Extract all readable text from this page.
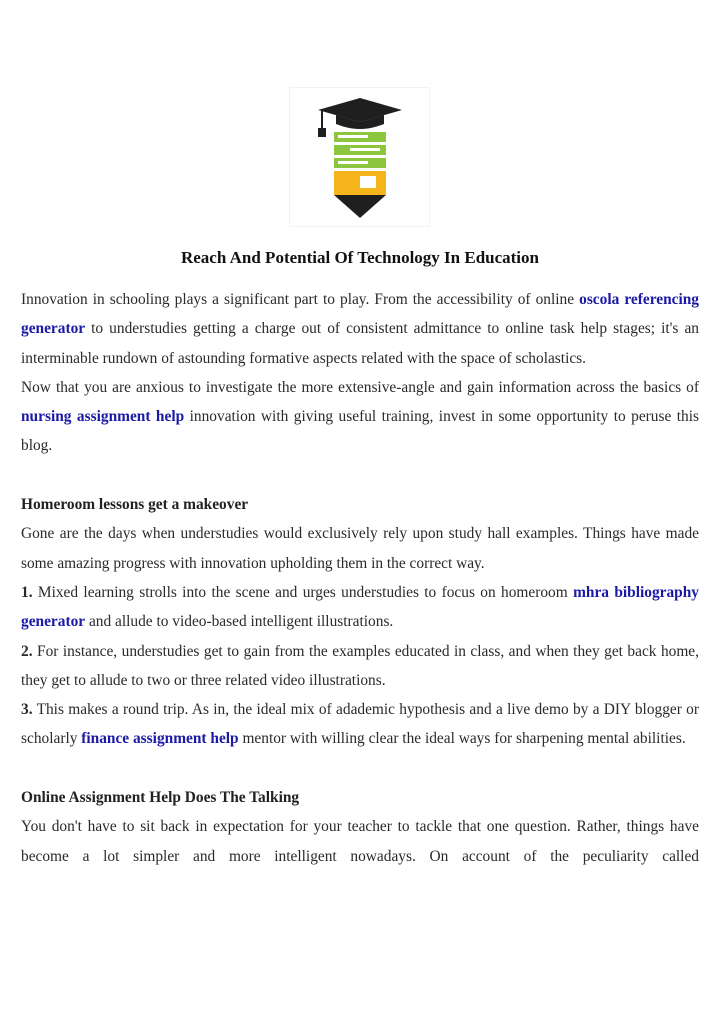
Reach And Potential Of Technology In Education

Innovation in schooling plays a significant part to play. From the accessibility of online oscola referencing generator to understudies getting a charge out of consistent admittance to online task help stages; it's an interminable rundown of astounding formative aspects related with the space of scholastics.

Now that you are anxious to investigate the more extensive-angle and gain information across the basics of nursing assignment help innovation with giving useful training, invest in some opportunity to peruse this blog.

Homeroom lessons get a makeover

Gone are the days when understudies would exclusively rely upon study hall examples. Things have made some amazing progress with innovation upholding them in the correct way.

1. Mixed learning strolls into the scene and urges understudies to focus on homeroom mhra bibliography generator and allude to video-based intelligent illustrations.

2. For instance, understudies get to gain from the examples educated in class, and when they get back home, they get to allude to two or three related video illustrations.

3. This makes a round trip. As in, the ideal mix of adademic hypothesis and a live demo by a DIY blogger or scholarly finance assignment help mentor with willing clear the ideal ways for sharpening mental abilities.

Online Assignment Help Does The Talking

You don't have to sit back in expectation for your teacher to tackle that one question. Rather, things have become a lot simpler and more intelligent nowadays. On account of the peculiarity called
